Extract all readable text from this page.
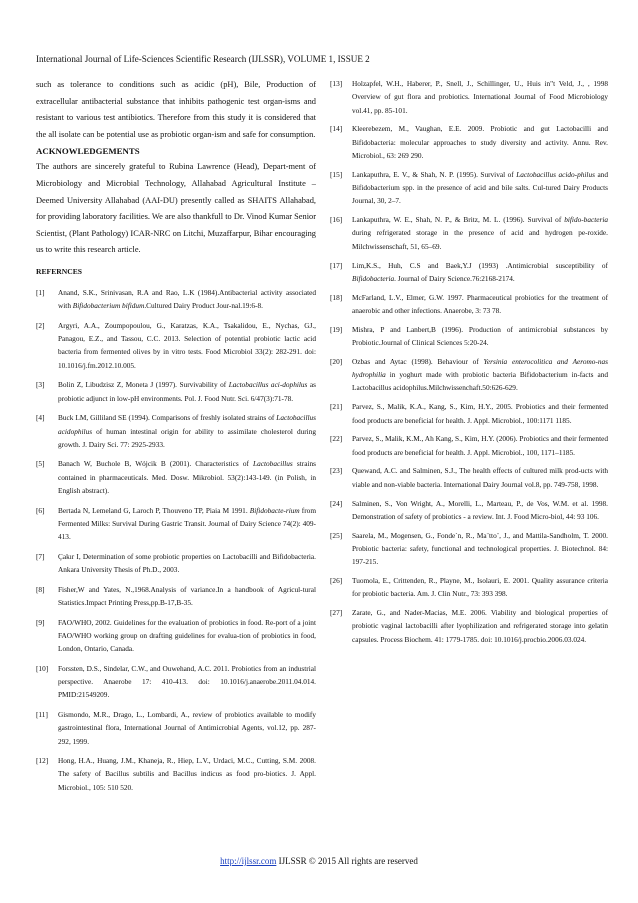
International Journal of Life-Sciences Scientific Research (IJLSSR), VOLUME 1, ISSUE 2

such as tolerance to conditions such as acidic (pH), Bile, Production of extracellular antibacterial substance that inhibits pathogenic test organ-isms and resistant to various test antibiotics. Therefore from this study it is considered that the all isolate can be potential use as probiotic organ-ism and safe for consumption.

ACKNOWLEDGEMENTS

The authors are sincerely grateful to Rubina Lawrence (Head), Depart-ment of Microbiology and Microbial Technology, Allahabad Agricultural Institute –Deemed University Allahabad (AAI-DU) presently called as SHAITS Allahabad, for providing laboratory facilities. We are also thankfull to Dr. Vinod Kumar Senior Scientist, (Plant Pathology) ICAR-NRC on Litchi, Muzaffarpur, Bihar encouraging us to write this research article.

REFERNCES
[1] Anand, S.K., Srinivasan, R.A and Rao, L.K (1984).Antibacterial activity associated with Bifidobacterium bifidum.Cultured Dairy Product Jour-nal.19:6-8.
[2] Argyri, A.A., Zoumpopoulou, G., Karatzas, K.A., Tsakalidou, E., Nychas, GJ., Panagou, E.Z., and Tassou, C.C. 2013. Selection of potential probiotic lactic acid bacteria from fermented olives by in vitro tests. Food Microbiol 33(2): 282-291. doi: 10.1016/j.fm.2012.10.005.
[3] Bolin Z, Libudzisz Z, Moneta J (1997). Survivability of Lactobacillus aci-dophilus as probiotic adjunct in low-pH environments. Pol. J. Food Nutr. Sci. 6/47(3):71-78.
[4] Buck LM, Gilliland SE (1994). Comparisons of freshly isolated strains of Lactobacillus acidophilus of human intestinal origin for ability to assimilate cholesterol during growth. J. Dairy Sci. 77: 2925-2933.
[5] Banach W, Buchole B, Wójcik B (2001). Characteristics of Lactobacillus strains contained in pharmaceuticals. Med. Dosw. Mikrobiol. 53(2):143-149. (in Polish, in English abstract).
[6] Bertada N, Lemeland G, Laroch P, Thouveno TP, Piaia M 1991. Bifidobacte-rium from Fermented Milks: Survival During Gastric Transit. Journal of Dairy Science 74(2): 409-413.
[7] Çakır I, Determination of some probiotic properties on Lactobacilli and Bifidobacteria. Ankara University Thesis of Ph.D., 2003.
[8] Fisher,W and Yates, N.,1968.Analysis of variance.In a handbook of Agricul-tural Statistics.Impact Printing Press,pp.B-17,B-35.
[9] FAO/WHO, 2002. Guidelines for the evaluation of probiotics in food. Re-port of a joint FAO/WHO working group on drafting guidelines for evalua-tion of probiotics in food, London, Ontario, Canada.
[10] Forssten, D.S., Sindelar, C.W., and Ouwehand, A.C. 2011. Probiotics from an industrial perspective. Anaerobe 17: 410-413. doi: 10.1016/j.anaerobe.2011.04.014. PMID:21549209.
[11] Gismondo, M.R., Drago, L., Lombardi, A., review of probiotics available to modify gastrointestinal flora, International Journal of Antimicrobial Agents, vol.12, pp. 287-292, 1999.
[12] Hong, H.A., Huang, J.M., Khaneja, R., Hiep, L.V., Urdaci, M.C., Cutting, S.M. 2008. The safety of Bacillus subtilis and Bacillus indicus as food pro-biotics. J. Appl. Microbiol., 105: 510 520.
[13] Holzapfel, W.H., Haberer, P., Snell, J., Schillinger, U., Huis in"t Veld, J., , 1998 Overview of gut flora and probiotics. International Journal of Food Microbiology vol.41, pp. 85-101.
[14] Kleerebezem, M., Vaughan, E.E. 2009. Probiotic and gut Lactobacilli and Bifidobacteria: molecular approaches to study diversity and activity. Annu. Rev. Microbiol., 63: 269 290.
[15] Lankaputhra, E. V., & Shah, N. P. (1995). Survival of Lactobacillus acido-philus and Bifidobacterium spp. in the presence of acid and bile salts. Cul-tured Dairy Products Journal, 30, 2–7.
[16] Lankaputhra, W. E., Shah, N. P., & Britz, M. L. (1996). Survival of bifido-bacteria during refrigerated storage in the presence of acid and hydrogen pe-roxide. Milchwissenschaft, 51, 65–69.
[17] Lim,K.S., Huh, C.S and Baek,Y.J (1993) .Antimicrobial susceptibility of Bifidobacteria. Journal of Dairy Science.76:2168-2174.
[18] McFarland, L.V., Elmer, G.W. 1997. Pharmaceutical probiotics for the treatment of anaerobic and other infections. Anaerobe, 3: 73 78.
[19] Mishra, P and Lanbert,B (1996). Production of antimicrobial substances by Probiotic.Journal of Clinical Sciences 5:20-24.
[20] Ozbas and Aytac (1998). Behaviour of Yersinia enterocolitica and Aeromo-nas hydrophilia in yoghurt made with probiotic bacteria Bifidobacterium in-facts and Lactobacillus acidophilus.Milchwissenchaft.50:626-629.
[21] Parvez, S., Malik, K.A., Kang, S., Kim, H.Y., 2005. Probiotics and their fermented food products are beneficial for health. J. Appl. Microbiol., 100:1171 1185.
[22] Parvez, S., Malik, K.M., Ah Kang, S., Kim, H.Y. (2006). Probiotics and their fermented food products are beneficial for health. J. Appl. Microbiol., 100, 1171–1185.
[23] Quewand, A.C. and Salminen, S.J., The health effects of cultured milk prod-ucts with viable and non-viable bacteria. International Dairy Journal vol.8, pp. 749-758, 1998.
[24] Salminen, S., Von Wright, A., Morelli, L., Marteau, P., de Vos, W.M. et al. 1998. Demonstration of safety of probiotics - a review. Int. J. Food Micro-biol, 44: 93 106.
[25] Saarela, M., Mogensen, G., Fonde`n, R., Ma¨tto¨, J., and Mattila-Sandholm, T. 2000. Probiotic bacteria: safety, functional and technological properties. J. Biotechnol. 84: 197-215.
[26] Tuomola, E., Crittenden, R., Playne, M., Isolauri, E. 2001. Quality assurance criteria for probiotic bacteria. Am. J. Clin Nutr., 73: 393 398.
[27] Zarate, G., and Nader-Macias, M.E. 2006. Viability and biological properties of probiotic vaginal lactobacilli after lyophilization and refrigerated storage into gelatin capsules. Process Biochem. 41: 1779-1785. doi: 10.1016/j.procbio.2006.03.024.
http://ijlssr.com IJLSSR © 2015 All rights are reserved
